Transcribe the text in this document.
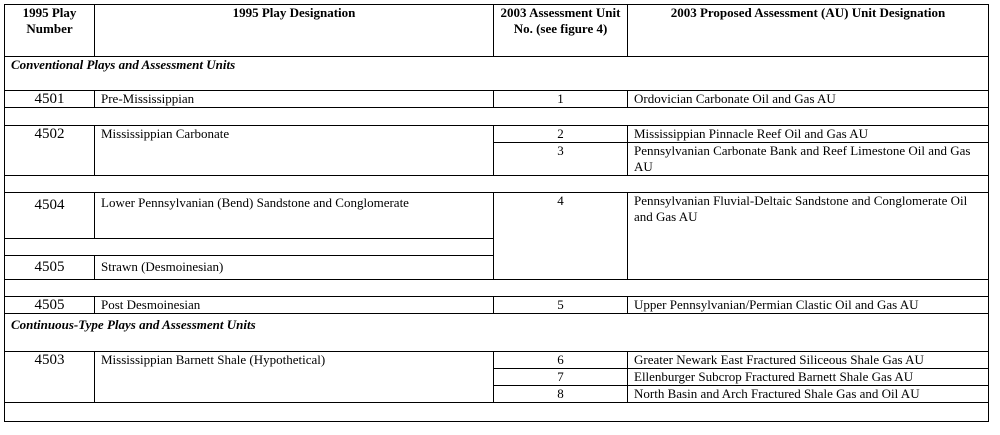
1995 Play Number	1995 Play Designation	2003 Assessment Unit No. (see figure 4)	2003 Proposed Assessment (AU) Unit Designation
Conventional Plays and Assessment Units			
4501	Pre-Mississippian	1	Ordovician Carbonate Oil and Gas AU

4502	Mississippian Carbonate	2	Mississippian Pinnacle Reef Oil and Gas AU
		3	Pennsylvanian Carbonate Bank and Reef Limestone Oil and Gas AU

4504	Lower Pennsylvanian (Bend) Sandstone and Conglomerate	4	Pennsylvanian Fluvial-Deltaic Sandstone and Conglomerate Oil and Gas AU

4505	Strawn (Desmoinesian)		

4505	Post Desmoinesian	5	Upper Pennsylvanian/Permian Clastic Oil and Gas AU
Continuous-Type Plays and Assessment Units			
4503	Mississippian Barnett Shale (Hypothetical)	6	Greater Newark East Fractured Siliceous Shale Gas AU
		7	Ellenburger Subcrop Fractured Barnett Shale Gas AU
		8	North Basin and Arch Fractured Shale Gas and Oil AU
